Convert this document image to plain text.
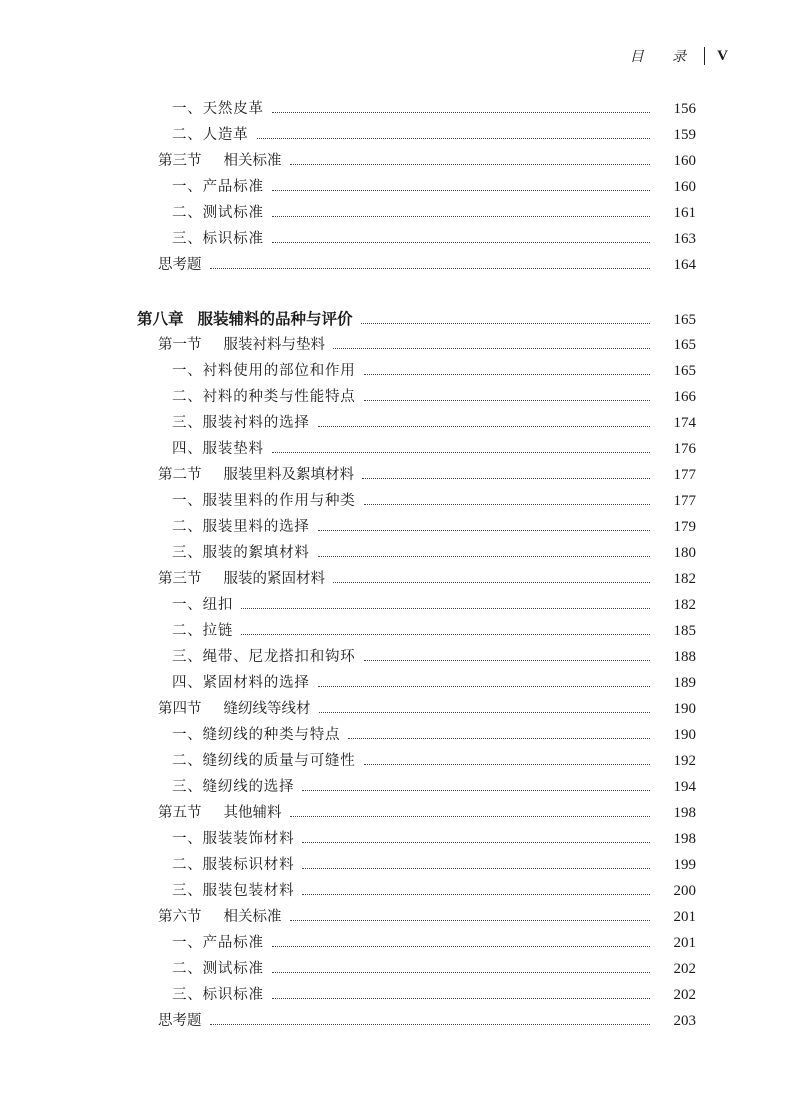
目 录 V
一、天然皮革	156
二、人造革	159
第三节 相关标准	160
一、产品标准	160
二、测试标准	161
三、标识标准	163
思考题	164
第八章 服装辅料的品种与评价	165
第一节 服装衬料与垫料	165
一、衬料使用的部位和作用	165
二、衬料的种类与性能特点	166
三、服装衬料的选择	174
四、服装垫料	176
第二节 服装里料及絮填材料	177
一、服装里料的作用与种类	177
二、服装里料的选择	179
三、服装的絮填材料	180
第三节 服装的紧固材料	182
一、纽扣	182
二、拉链	185
三、绳带、尼龙搭扣和钩环	188
四、紧固材料的选择	189
第四节 缝纫线等线材	190
一、缝纫线的种类与特点	190
二、缝纫线的质量与可缝性	192
三、缝纫线的选择	194
第五节 其他辅料	198
一、服装装饰材料	198
二、服装标识材料	199
三、服装包装材料	200
第六节 相关标准	201
一、产品标准	201
二、测试标准	202
三、标识标准	202
思考题	203
